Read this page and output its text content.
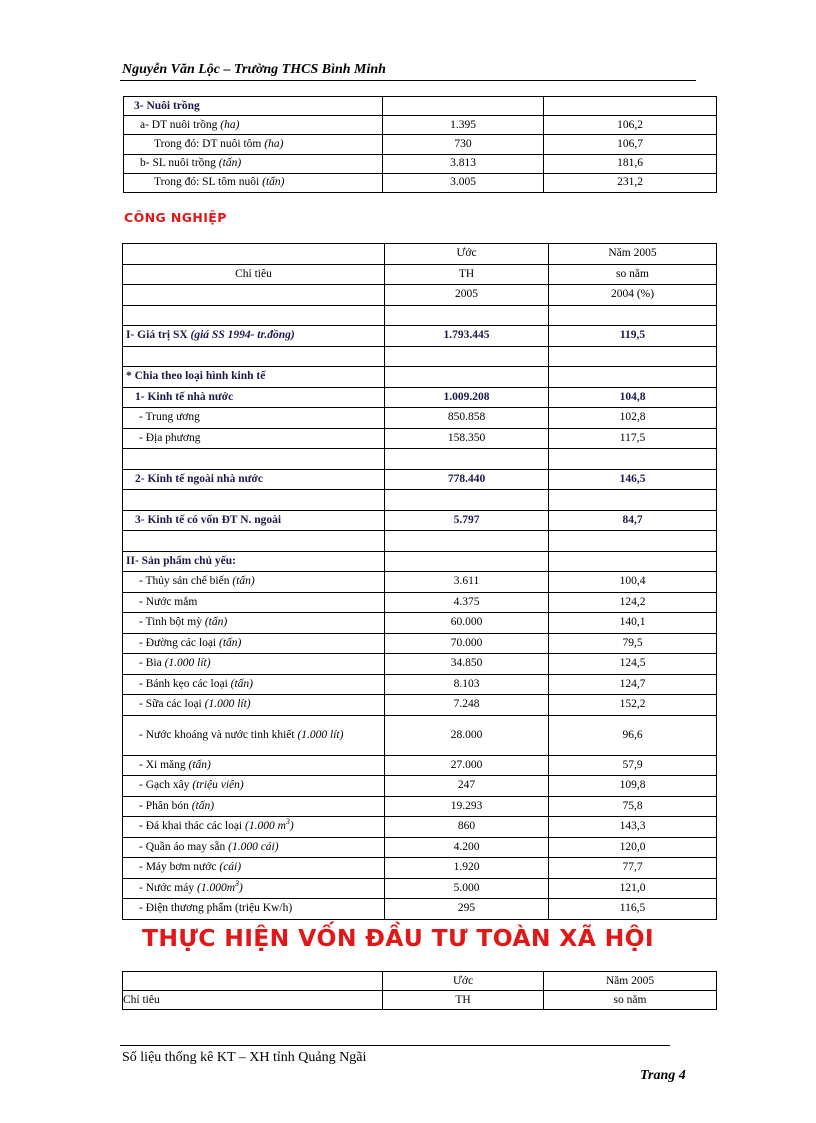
Nguyễn Văn Lộc – Trường THCS Bình Minh
3- Nuôi trồng		
a- DT nuôi trồng (ha)	1.395	106,2
Trong đó: DT nuôi tôm (ha)	730	106,7
b- SL nuôi trồng (tấn)	3.813	181,6
Trong đó: SL tôm nuôi (tấn)	3.005	231,2
CÔNG NGHIỆP
	Ước	Năm 2005
Chỉ tiêu	TH	so năm
	2005	2004 (%)

I- Giá trị SX (giá SS 1994- tr.đồng)	1.793.445	119,5

* Chia theo loại hình kinh tế		
1- Kinh tế nhà nước	1.009.208	104,8
- Trung ương	850.858	102,8
- Địa phương	158.350	117,5

2- Kinh tế ngoài nhà nước	778.440	146,5

3- Kinh tế có vốn ĐT N. ngoài	5.797	84,7

II- Sản phẩm chủ yếu:		
- Thủy sản chế biến (tấn)	3.611	100,4
- Nước mắm	4.375	124,2
- Tinh bột mỳ (tấn)	60.000	140,1
- Đường các loại (tấn)	70.000	79,5
- Bia (1.000 lít)	34.850	124,5
- Bánh kẹo các loại (tấn)	8.103	124,7
- Sữa các loại (1.000 lít)	7.248	152,2
- Nước khoáng và nước tinh khiết (1.000 lít)	28.000	96,6
- Xi măng (tấn)	27.000	57,9
- Gạch xây (triệu viên)	247	109,8
- Phân bón (tấn)	19.293	75,8
- Đá khai thác các loại (1.000 $m^3$)	860	143,3
- Quần áo may sẵn (1.000 cái)	4.200	120,0
- Máy bơm nước (cái)	1.920	77,7
- Nước máy $(1.000m^3)$	5.000	121,0
- Điện thương phẩm (triệu Kw/h)	295	116,5
THỰC HIỆN VỐN ĐẦU TƯ TOÀN XÃ HỘI
	Ước	Năm 2005
Chỉ tiêu	TH	so năm
Số liệu thống kê KT – XH tỉnh Quảng Ngãi
Trang 4
